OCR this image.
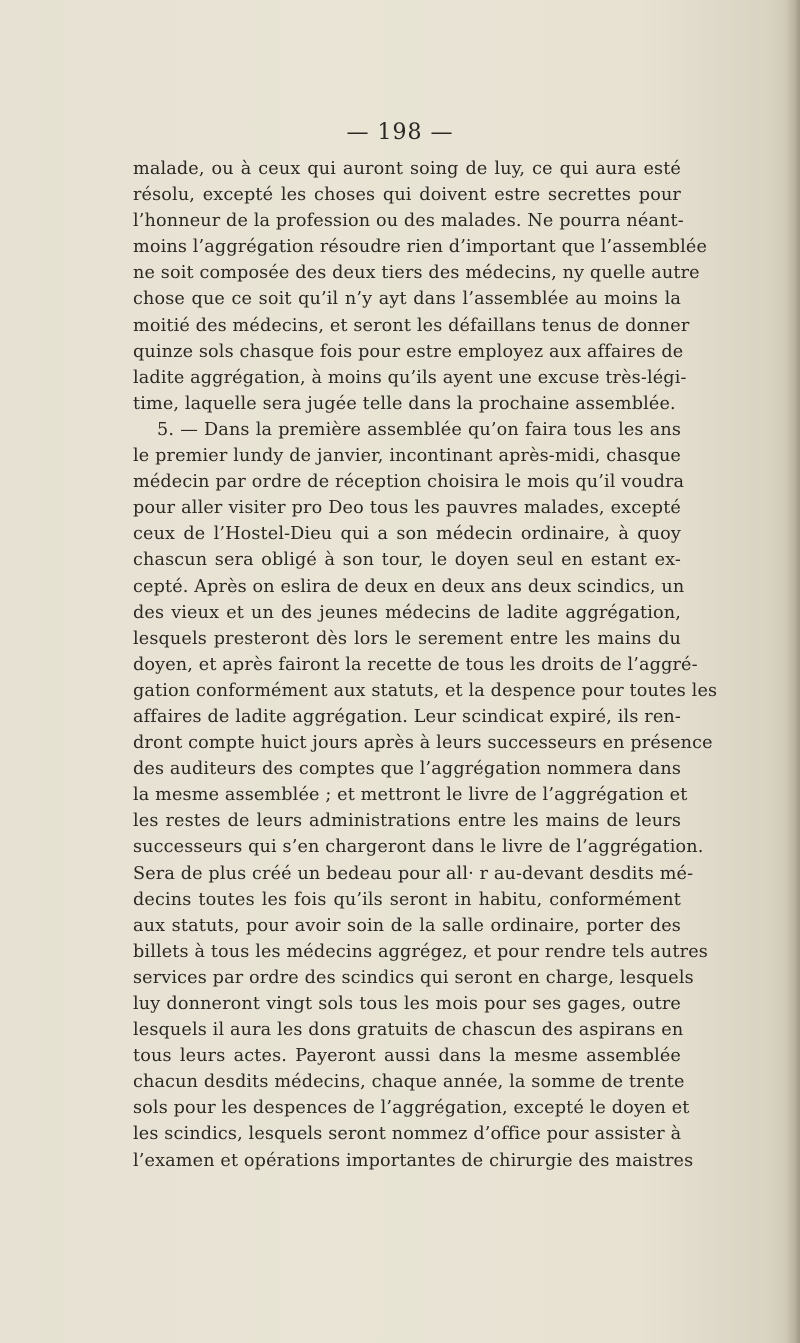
— 198 —
malade, ou à ceux qui auront soing de luy, ce qui aura esté
résolu, excepté les choses qui doivent estre secrettes pour
l’honneur de la profession ou des malades. Ne pourra néant-
moins l’aggrégation résoudre rien d’important que l’assemblée
ne soit composée des deux tiers des médecins, ny quelle autre
chose que ce soit qu’il n’y ayt dans l’assemblée au moins la
moitié des médecins, et seront les défaillans tenus de donner
quinze sols chasque fois pour estre employez aux affaires de
ladite aggrégation, à moins qu’ils ayent une excuse très-légi-
time, laquelle sera jugée telle dans la prochaine assemblée.
5. — Dans la première assemblée qu’on faira tous les ans
le premier lundy de janvier, incontinant après-midi, chasque
médecin par ordre de réception choisira le mois qu’il voudra
pour aller visiter pro Deo tous les pauvres malades, excepté
ceux de l’Hostel-Dieu qui a son médecin ordinaire, à quoy
chascun sera obligé à son tour, le doyen seul en estant ex-
cepté. Après on eslira de deux en deux ans deux scindics, un
des vieux et un des jeunes médecins de ladite aggrégation,
lesquels presteront dès lors le serement entre les mains du
doyen, et après fairont la recette de tous les droits de l’aggré-
gation conformément aux statuts, et la despence pour toutes les
affaires de ladite aggrégation. Leur scindicat expiré, ils ren-
dront compte huict jours après à leurs successeurs en présence
des auditeurs des comptes que l’aggrégation nommera dans
la mesme assemblée ; et mettront le livre de l’aggrégation et
les restes de leurs administrations entre les mains de leurs
successeurs qui s’en chargeront dans le livre de l’aggrégation.
Sera de plus créé un bedeau pour all· r au-devant desdits mé-
decins toutes les fois qu’ils seront in habitu, conformément
aux statuts, pour avoir soin de la salle ordinaire, porter des
billets à tous les médecins aggrégez, et pour rendre tels autres
services par ordre des scindics qui seront en charge, lesquels
luy donneront vingt sols tous les mois pour ses gages, outre
lesquels il aura les dons gratuits de chascun des aspirans en
tous leurs actes. Payeront aussi dans la mesme assemblée
chacun desdits médecins, chaque année, la somme de trente
sols pour les despences de l’aggrégation, excepté le doyen et
les scindics, lesquels seront nommez d’office pour assister à
l’examen et opérations importantes de chirurgie des maistres
